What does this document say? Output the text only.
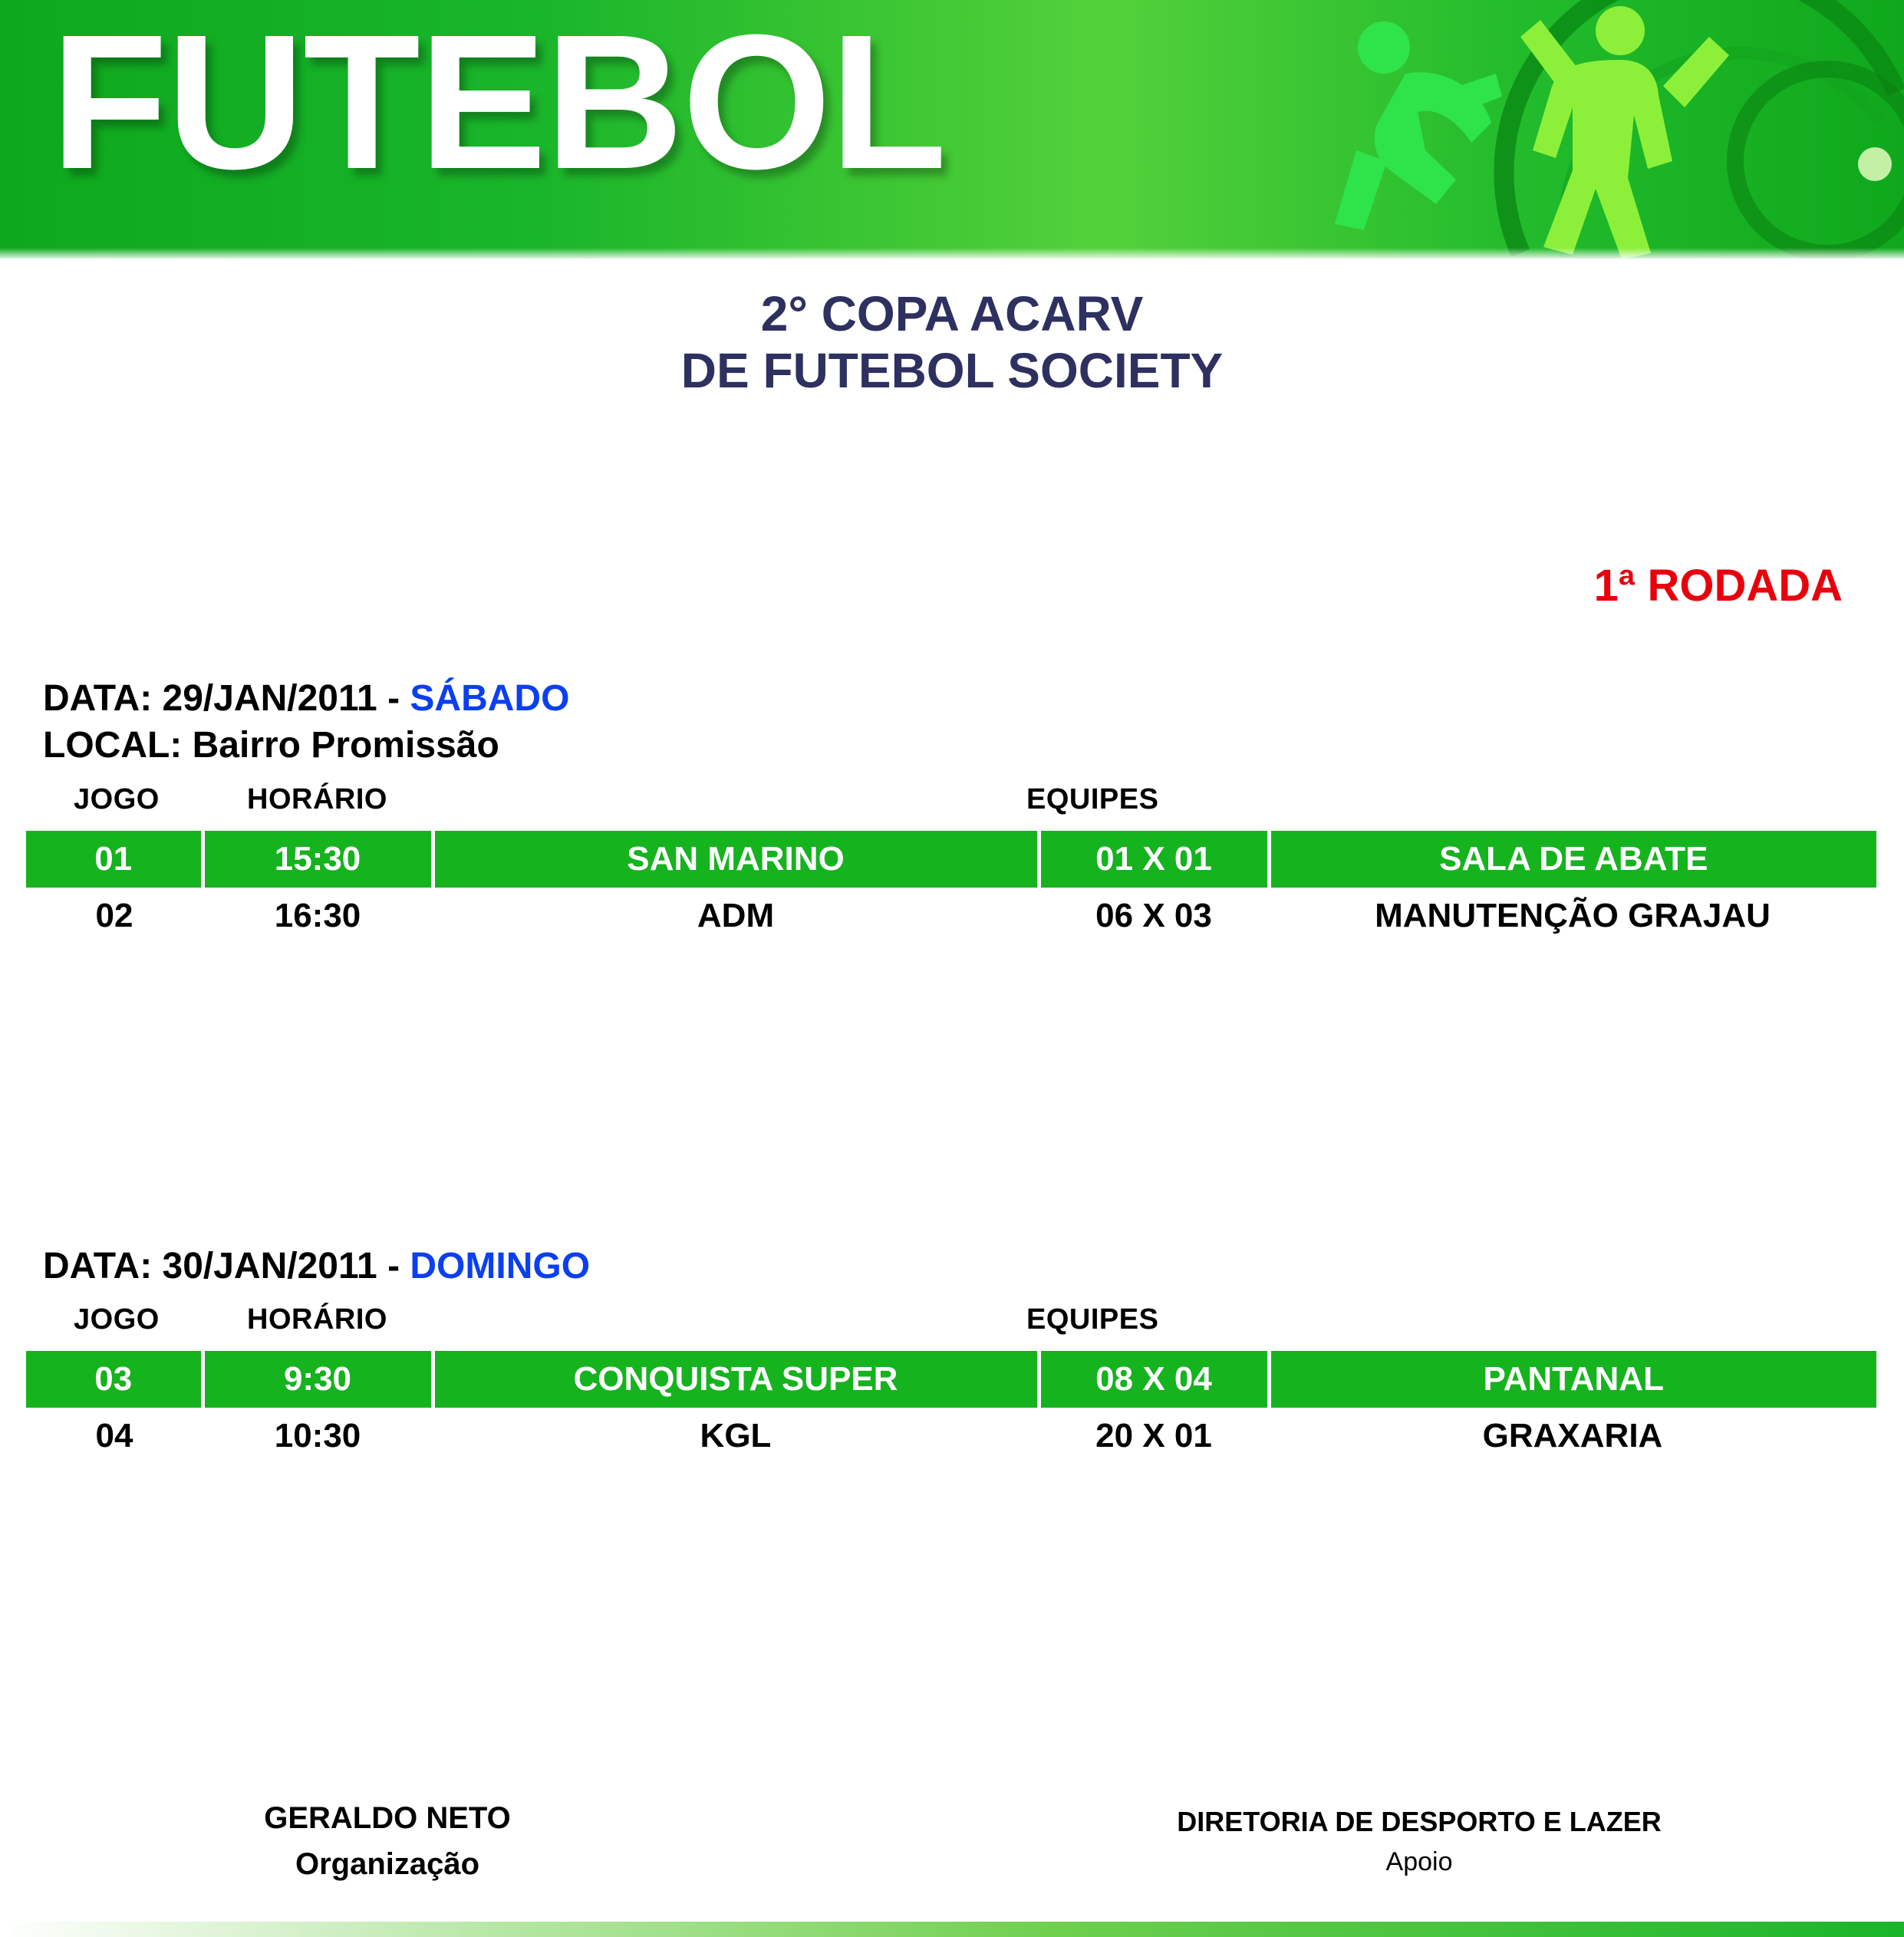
FUTEBOL
2° COPA ACARV
DE FUTEBOL SOCIETY
1ª RODADA
DATA: 29/JAN/2011 - SÁBADO
LOCAL: Bairro Promissão
JOGO	HORÁRIO	EQUIPES
01	15:30	SAN MARINO	01 X 01	SALA DE ABATE
02	16:30	ADM	06 X 03	MANUTENÇÃO GRAJAU
DATA: 30/JAN/2011 - DOMINGO
JOGO	HORÁRIO	EQUIPES
03	9:30	CONQUISTA SUPER	08 X 04	PANTANAL
04	10:30	KGL	20 X 01	GRAXARIA
GERALDO NETO
Organização
DIRETORIA DE DESPORTO E LAZER
Apoio
